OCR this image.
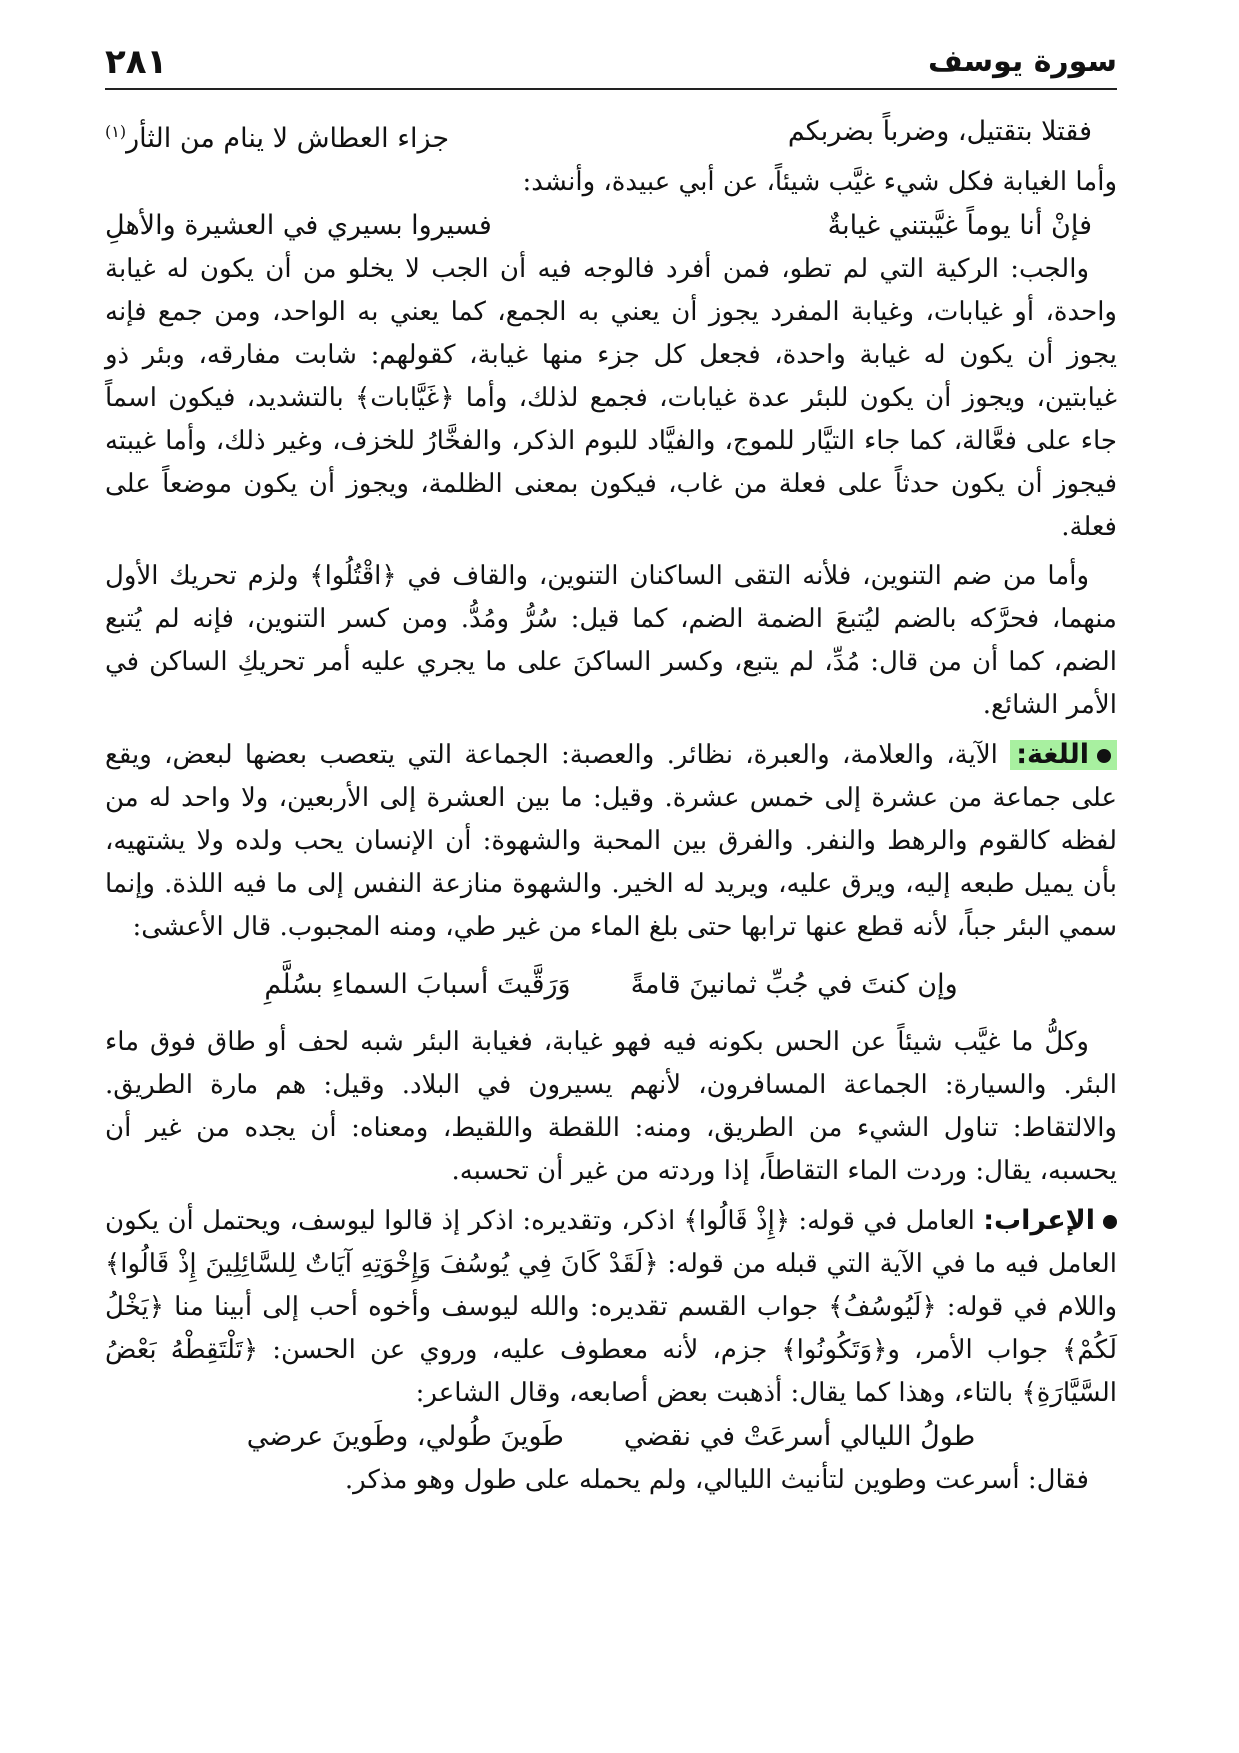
٢٨١	سورة يوسف
فقتلا بتقتيل، وضرباً بضربكم
جزاء العطاش لا ينام من الثأر$^{(١)}$

وأما الغيابة فكل شيء غيَّب شيئاً، عن أبي عبيدة، وأنشد:

فإنْ أنا يوماً غيَّبتني غيابةٌ
فسيروا بسيري في العشيرة والأهلِ

والجب: الركية التي لم تطو، فمن أفرد فالوجه فيه أن الجب لا يخلو من أن يكون له غيابة واحدة، أو غيابات، وغيابة المفرد يجوز أن يعني به الجمع، كما يعني به الواحد، ومن جمع فإنه يجوز أن يكون له غيابة واحدة، فجعل كل جزء منها غيابة، كقولهم: شابت مفارقه، وبئر ذو غيابتين، ويجوز أن يكون للبئر عدة غيابات، فجمع لذلك، وأما ﴿غَيَّابات﴾ بالتشديد، فيكون اسماً جاء على فعَّالة، كما جاء التيَّار للموج، والفيَّاد للبوم الذكر، والفخَّارُ للخزف، وغير ذلك، وأما غيبته فيجوز أن يكون حدثاً على فعلة من غاب، فيكون بمعنى الظلمة، ويجوز أن يكون موضعاً على فعلة.

وأما من ضم التنوين، فلأنه التقى الساكنان التنوين، والقاف في ﴿اقْتُلُوا﴾ ولزم تحريك الأول منهما، فحرَّكه بالضم ليُتبعَ الضمة الضم، كما قيل: سُرُّ ومُدُّ. ومن كسر التنوين، فإنه لم يُتبع الضم، كما أن من قال: مُدِّ، لم يتبع، وكسر الساكنَ على ما يجري عليه أمر تحريكِ الساكن في الأمر الشائع.

اللغة: الآية، والعلامة، والعبرة، نظائر. والعصبة: الجماعة التي يتعصب بعضها لبعض، ويقع على جماعة من عشرة إلى خمس عشرة. وقيل: ما بين العشرة إلى الأربعين، ولا واحد له من لفظه كالقوم والرهط والنفر. والفرق بين المحبة والشهوة: أن الإنسان يحب ولده ولا يشتهيه، بأن يميل طبعه إليه، ويرق عليه، ويريد له الخير. والشهوة منازعة النفس إلى ما فيه اللذة. وإنما سمي البئر جباً، لأنه قطع عنها ترابها حتى بلغ الماء من غير طي، ومنه المجبوب. قال الأعشى:

وإن كنتَ في جُبِّ ثمانينَ قامةً
وَرَقَّيتَ أسبابَ السماءِ بسُلَّمِ

وكلُّ ما غيَّب شيئاً عن الحس بكونه فيه فهو غيابة، فغيابة البئر شبه لحف أو طاق فوق ماء البئر. والسيارة: الجماعة المسافرون، لأنهم يسيرون في البلاد. وقيل: هم مارة الطريق. والالتقاط: تناول الشيء من الطريق، ومنه: اللقطة واللقيط، ومعناه: أن يجده من غير أن يحسبه، يقال: وردت الماء التقاطاً، إذا وردته من غير أن تحسبه.

الإعراب: العامل في قوله: ﴿إِذْ قَالُوا﴾ اذكر، وتقديره: اذكر إذ قالوا ليوسف، ويحتمل أن يكون العامل فيه ما في الآية التي قبله من قوله: ﴿لَقَدْ كَانَ فِي يُوسُفَ وَإِخْوَتِهِ آيَاتٌ لِلسَّائِلِينَ إِذْ قَالُوا﴾ واللام في قوله: ﴿لَيُوسُفُ﴾ جواب القسم تقديره: والله ليوسف وأخوه أحب إلى أبينا منا ﴿يَخْلُ لَكُمْ﴾ جواب الأمر، و﴿وَتَكُونُوا﴾ جزم، لأنه معطوف عليه، وروي عن الحسن: ﴿تَلْتَقِطْهُ بَعْضُ السَّيَّارَةِ﴾ بالتاء، وهذا كما يقال: أذهبت بعض أصابعه، وقال الشاعر:

طولُ الليالي أسرعَتْ في نقضي
طَوينَ طُولي، وطَوينَ عرضي

فقال: أسرعت وطوين لتأنيث الليالي، ولم يحمله على طول وهو مذكر.
